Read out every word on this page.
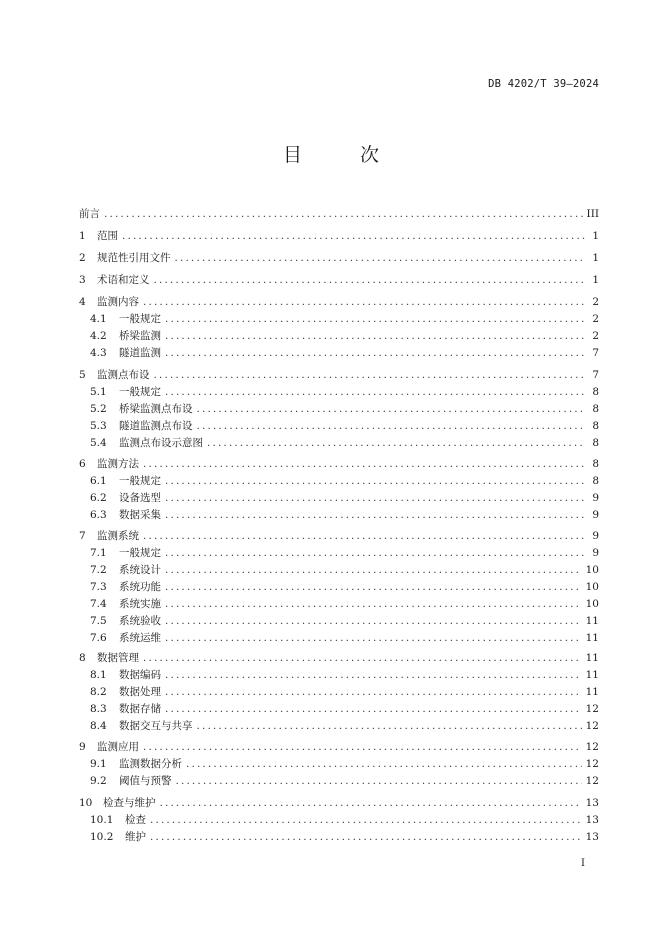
DB 4202/T 39—2024
目 次
前言 . . .	III
1	范围 . . .	1
2	规范性引用文件 . . .	1
3	术语和定义 . . .	1
4	监测内容 . . .	2
4.1	一般规定 . . .	2
4.2	桥梁监测 . . .	2
4.3	隧道监测 . . .	7
5	监测点布设 . . .	7
5.1	一般规定 . . .	8
5.2	桥梁监测点布设 . . .	8
5.3	隧道监测点布设 . . .	8
5.4	监测点布设示意图 . . .	8
6	监测方法 . . .	8
6.1	一般规定 . . .	8
6.2	设备选型 . . .	9
6.3	数据采集 . . .	9
7	监测系统 . . .	9
7.1	一般规定 . . .	9
7.2	系统设计 . . .	10
7.3	系统功能 . . .	10
7.4	系统实施 . . .	10
7.5	系统验收 . . .	11
7.6	系统运维 . . .	11
8	数据管理 . . .	11
8.1	数据编码 . . .	11
8.2	数据处理 . . .	11
8.3	数据存储 . . .	12
8.4	数据交互与共享 . . .	12
9	监测应用 . . .	12
9.1	监测数据分析 . . .	12
9.2	阈值与预警 . . .	12
10	检查与维护 . . .	13
10.1	检查 . . .	13
10.2	维护 . . .	13
I
